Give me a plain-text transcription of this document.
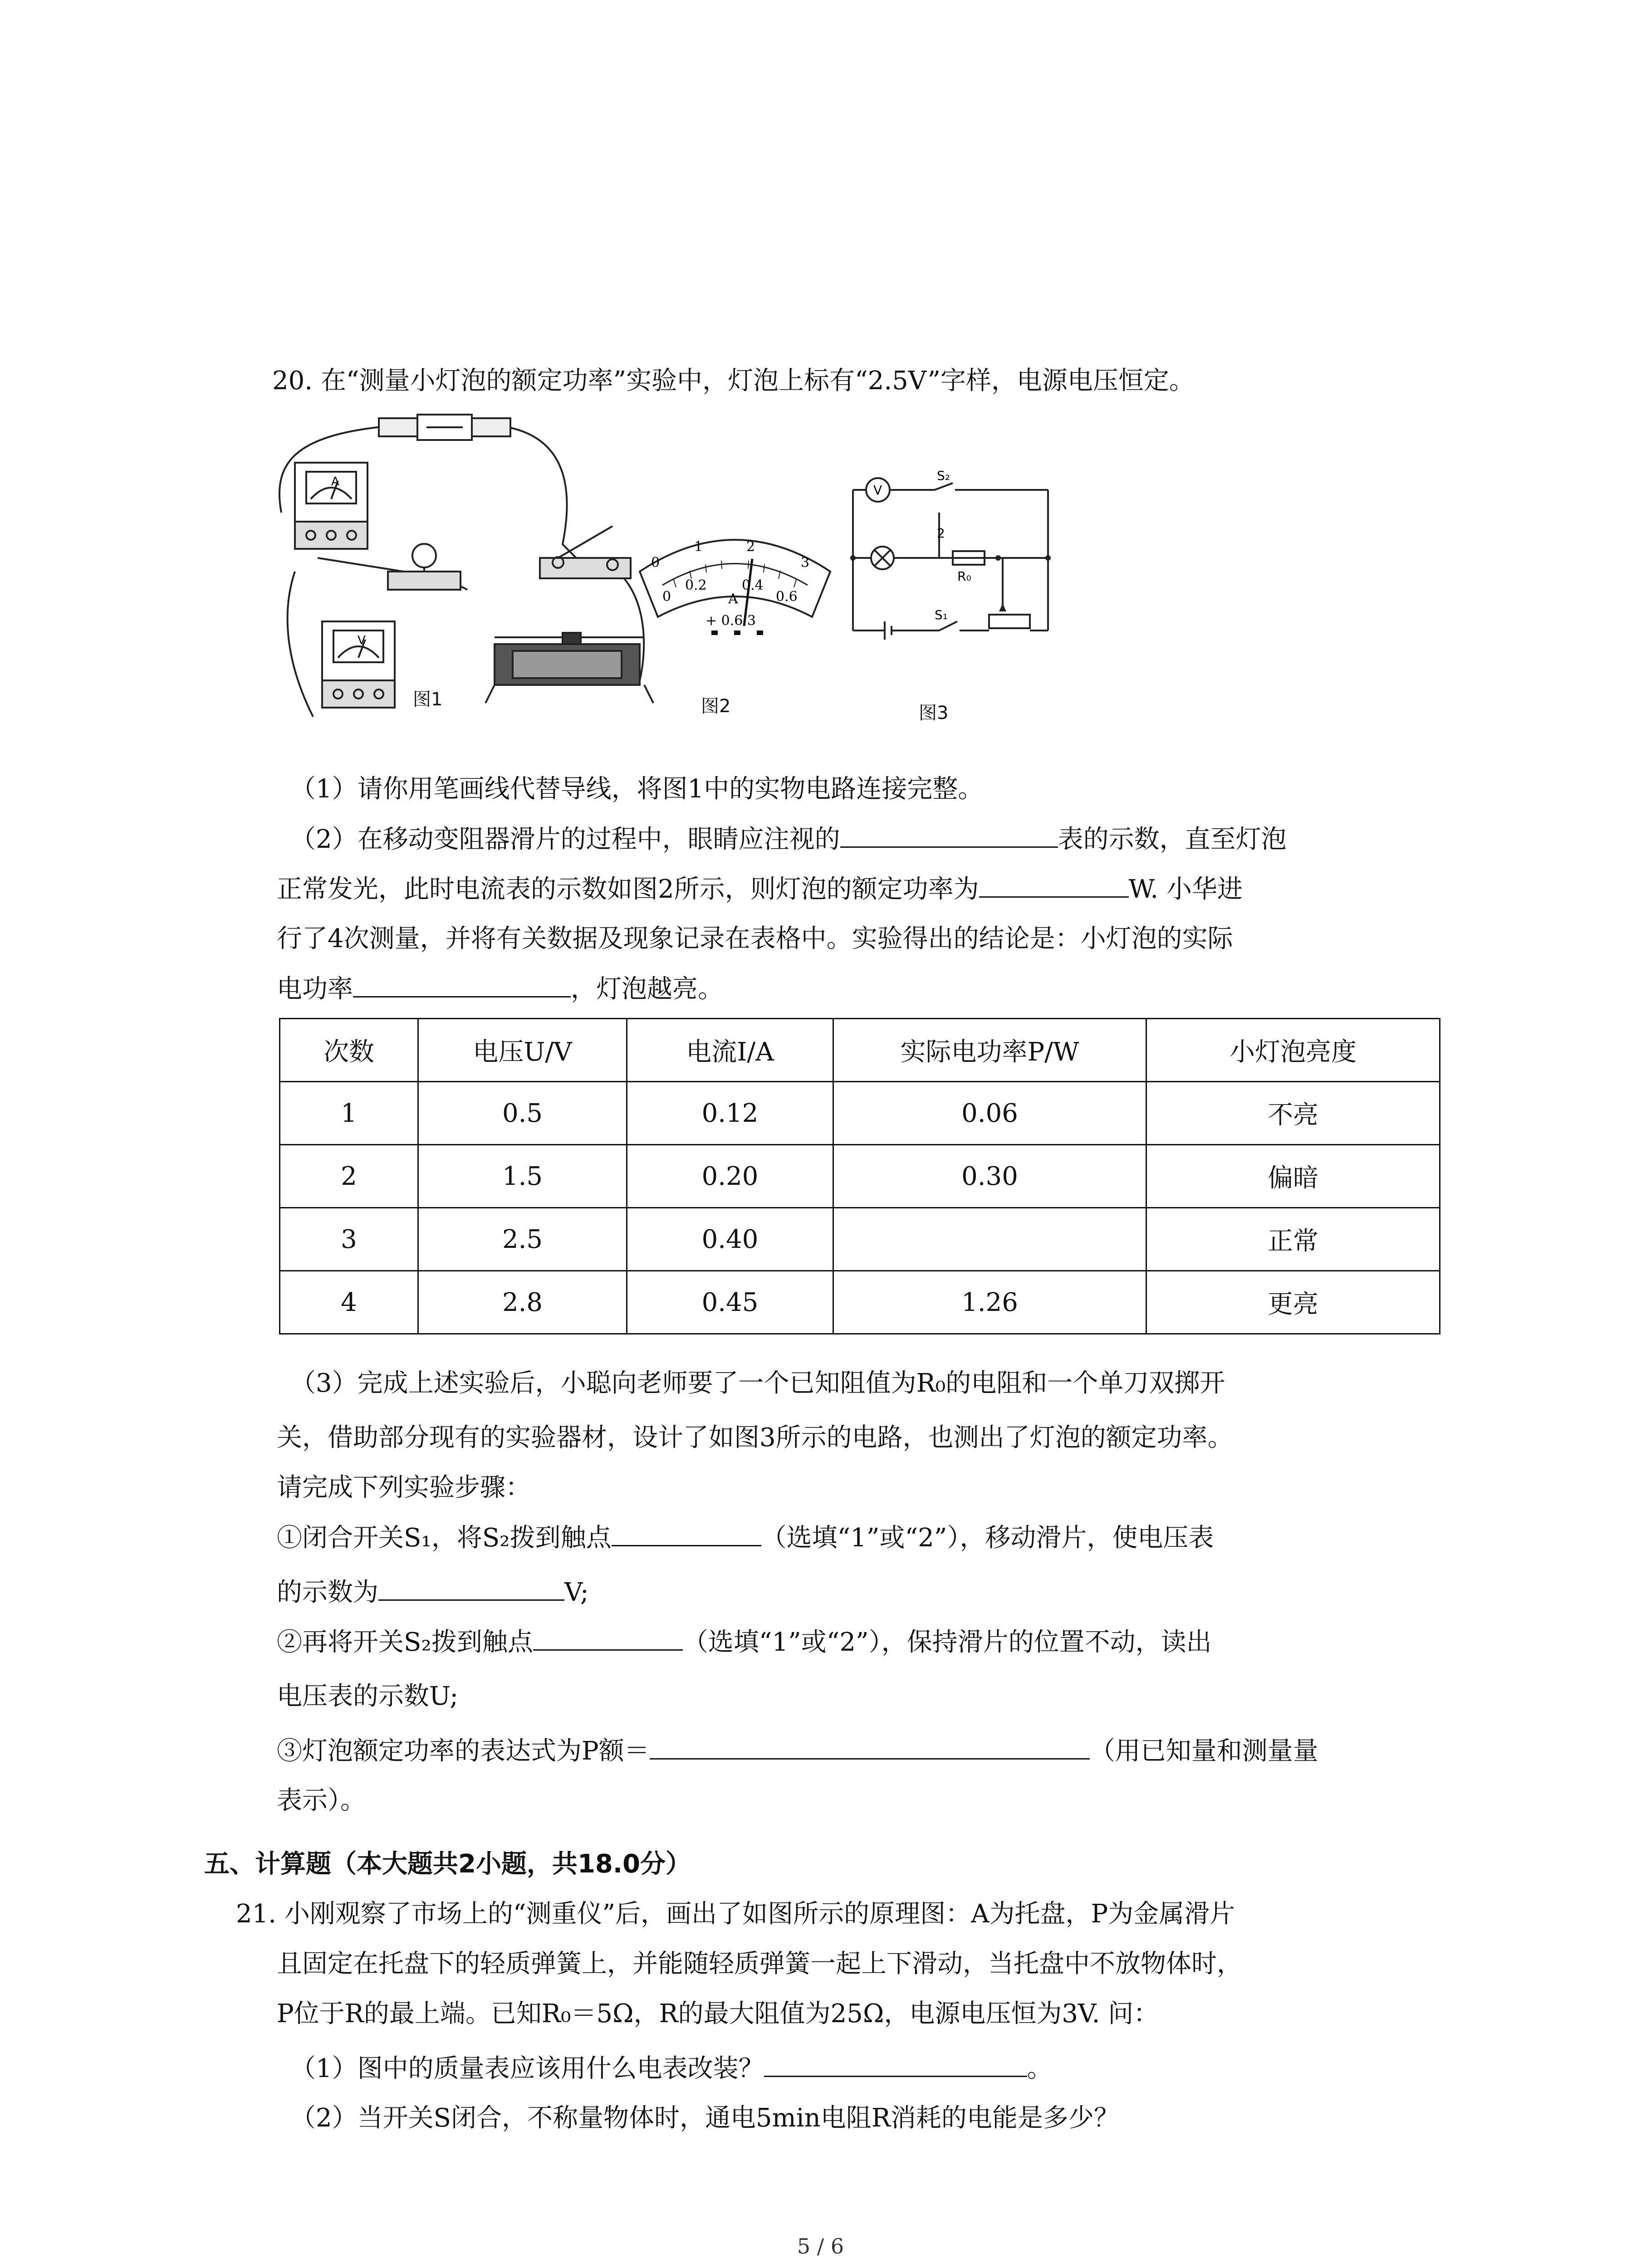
20. 在“测量小灯泡的额定功率”实验中，灯泡上标有“2.5V”字样，电源电压恒定。
A
V
图1
0
1	2
3
0
0.2	0.4
0.6
A
+ 0.6 3
图2
V
S₂
2
R₀
S₁
图3
（1）请你用笔画线代替导线，将图1中的实物电路连接完整。
（2）在移动变阻器滑片的过程中，眼睛应注视的	表的示数，直至灯泡
正常发光，此时电流表的示数如图2所示，则灯泡的额定功率为	W. 小华进
行了4次测量，并将有关数据及现象记录在表格中。实验得出的结论是：小灯泡的实际
电功率	，灯泡越亮。
次数	电压U/V	电流I/A	实际电功率P/W	小灯泡亮度
1	0.5	0.12	0.06	不亮
2	1.5	0.20	0.30	偏暗
3	2.5	0.40		正常
4	2.8	0.45	1.26	更亮
（3）完成上述实验后，小聪向老师要了一个已知阻值为R₀的电阻和一个单刀双掷开
关，借助部分现有的实验器材，设计了如图3所示的电路，也测出了灯泡的额定功率。
请完成下列实验步骤：
①闭合开关S₁，将S₂拨到触点	（选填“1”或“2”），移动滑片，使电压表
的示数为	V;
②再将开关S₂拨到触点	（选填“1”或“2”），保持滑片的位置不动，读出
电压表的示数U;
③灯泡额定功率的表达式为P额＝	（用已知量和测量量
表示）。
五、计算题（本大题共2小题，共18.0分）
21. 小刚观察了市场上的“测重仪”后，画出了如图所示的原理图：A为托盘，P为金属滑片
且固定在托盘下的轻质弹簧上，并能随轻质弹簧一起上下滑动，当托盘中不放物体时，
P位于R的最上端。已知R₀＝5Ω，R的最大阻值为25Ω，电源电压恒为3V. 问：
（1）图中的质量表应该用什么电表改装？	。
（2）当开关S闭合，不称量物体时，通电5min电阻R消耗的电能是多少？
5 / 6
